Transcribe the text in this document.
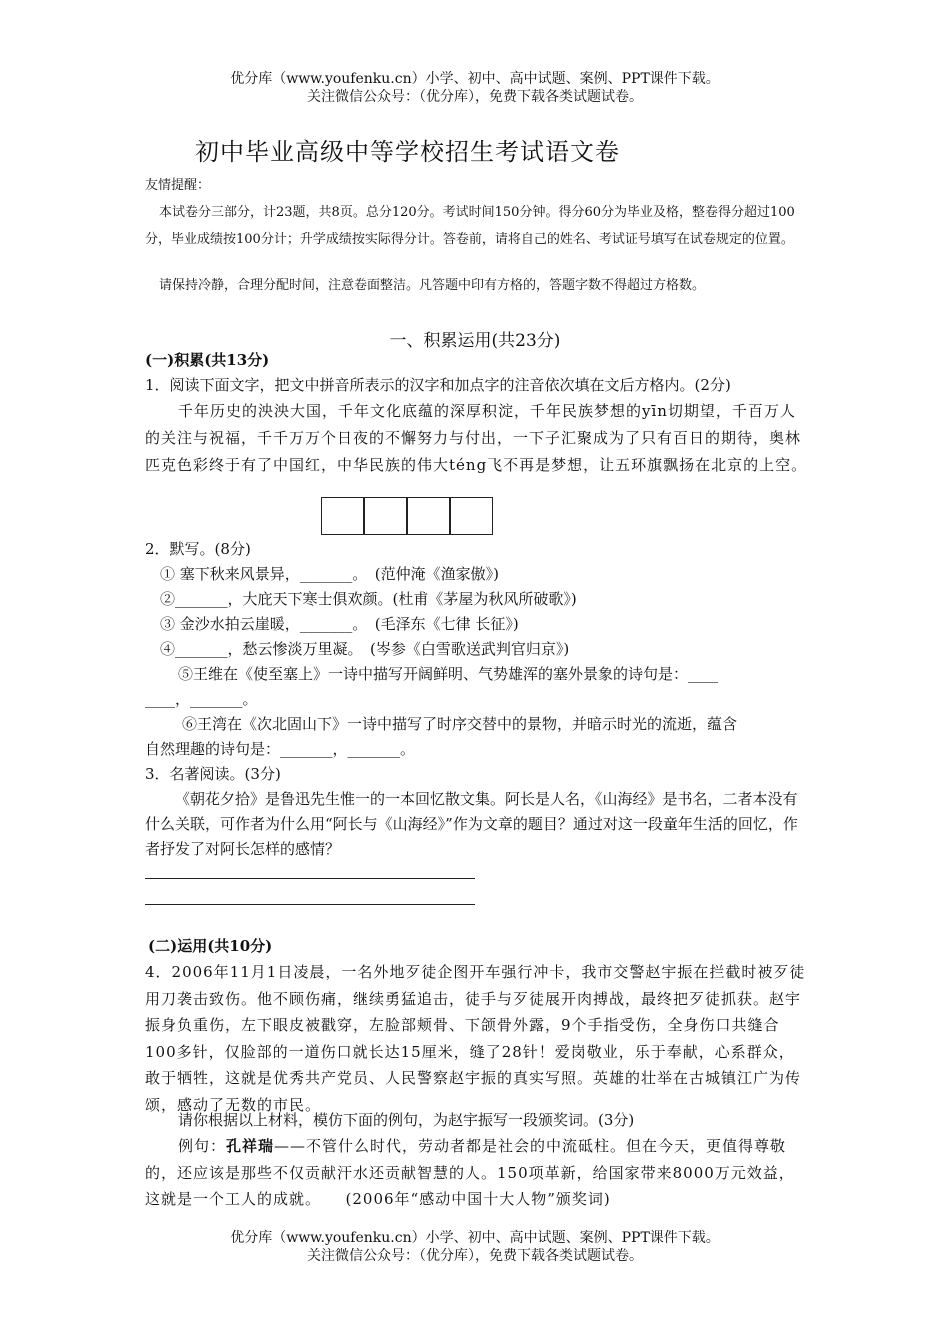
优分库（www.youfenku.cn）小学、初中、高中试题、案例、PPT课件下载。
关注微信公众号：（优分库），免费下载各类试题试卷。
初中毕业高级中等学校招生考试语文卷
友情提醒：
本试卷分三部分，计23题，共8页。总分120分。考试时间150分钟。得分60分为毕业及格，整卷得分超过100分，毕业成绩按100分计；升学成绩按实际得分计。答卷前，请将自己的姓名、考试证号填写在试卷规定的位置。
请保持冷静，合理分配时间，注意卷面整洁。凡答题中印有方格的，答题字数不得超过方格数。
一、积累运用(共23分)
(一)积累(共13分)
1．阅读下面文字，把文中拼音所表示的汉字和加点字的注音依次填在文后方格内。(2分)
千年历史的泱泱大国，千年文化底蕴的深厚积淀，千年民族梦想的yīn切期望，千百万人的关注与祝福，千千万万个日夜的不懈努力与付出，一下子汇聚成为了只有百日的期待，奥林匹克色彩终于有了中国红，中华民族的伟大téng飞不再是梦想，让五环旗飘扬在北京的上空。
2．默写。(8分)
① 塞下秋来风景异，_______。　(范仲淹《渔家傲》)
②_______，大庇天下寒士俱欢颜。(杜甫《茅屋为秋风所破歌》)
③ 金沙水拍云崖暖，_______。　(毛泽东《七律 长征》)
④_______，愁云惨淡万里凝。　(岑参《白雪歌送武判官归京》)
⑤王维在《使至塞上》一诗中描写开阔鲜明、气势雄浑的塞外景象的诗句是：____
____，_______。
⑥王湾在《次北固山下》一诗中描写了时序交替中的景物，并暗示时光的流逝，蕴含
自然理趣的诗句是：_______，_______。
3．名著阅读。(3分)
《朝花夕拾》是鲁迅先生惟一的一本回忆散文集。阿长是人名，《山海经》是书名，二者本没有什么关联，可作者为什么用“阿长与《山海经》”作为文章的题目？通过对这一段童年生活的回忆，作者抒发了对阿长怎样的感情？
(二)运用(共10分)
4．2006年11月1日凌晨，一名外地歹徒企图开车强行冲卡，我市交警赵宇振在拦截时被歹徒用刀袭击致伤。他不顾伤痛，继续勇猛追击，徒手与歹徒展开肉搏战，最终把歹徒抓获。赵宇振身负重伤，左下眼皮被戳穿，左脸部颊骨、下颌骨外露，9个手指受伤，全身伤口共缝合100多针，仅脸部的一道伤口就长达15厘米，缝了28针！爱岗敬业，乐于奉献，心系群众，敢于牺牲，这就是优秀共产党员、人民警察赵宇振的真实写照。英雄的壮举在古城镇江广为传颂，感动了无数的市民。
请你根据以上材料，模仿下面的例句，为赵宇振写一段颁奖词。(3分)
例句：孔祥瑞——不管什么时代，劳动者都是社会的中流砥柱。但在今天，更值得尊敬的，还应该是那些不仅贡献汗水还贡献智慧的人。150项革新，给国家带来8000万元效益，这就是一个工人的成就。　　(2006年“感动中国十大人物”颁奖词)
优分库（www.youfenku.cn）小学、初中、高中试题、案例、PPT课件下载。
关注微信公众号：（优分库），免费下载各类试题试卷。
